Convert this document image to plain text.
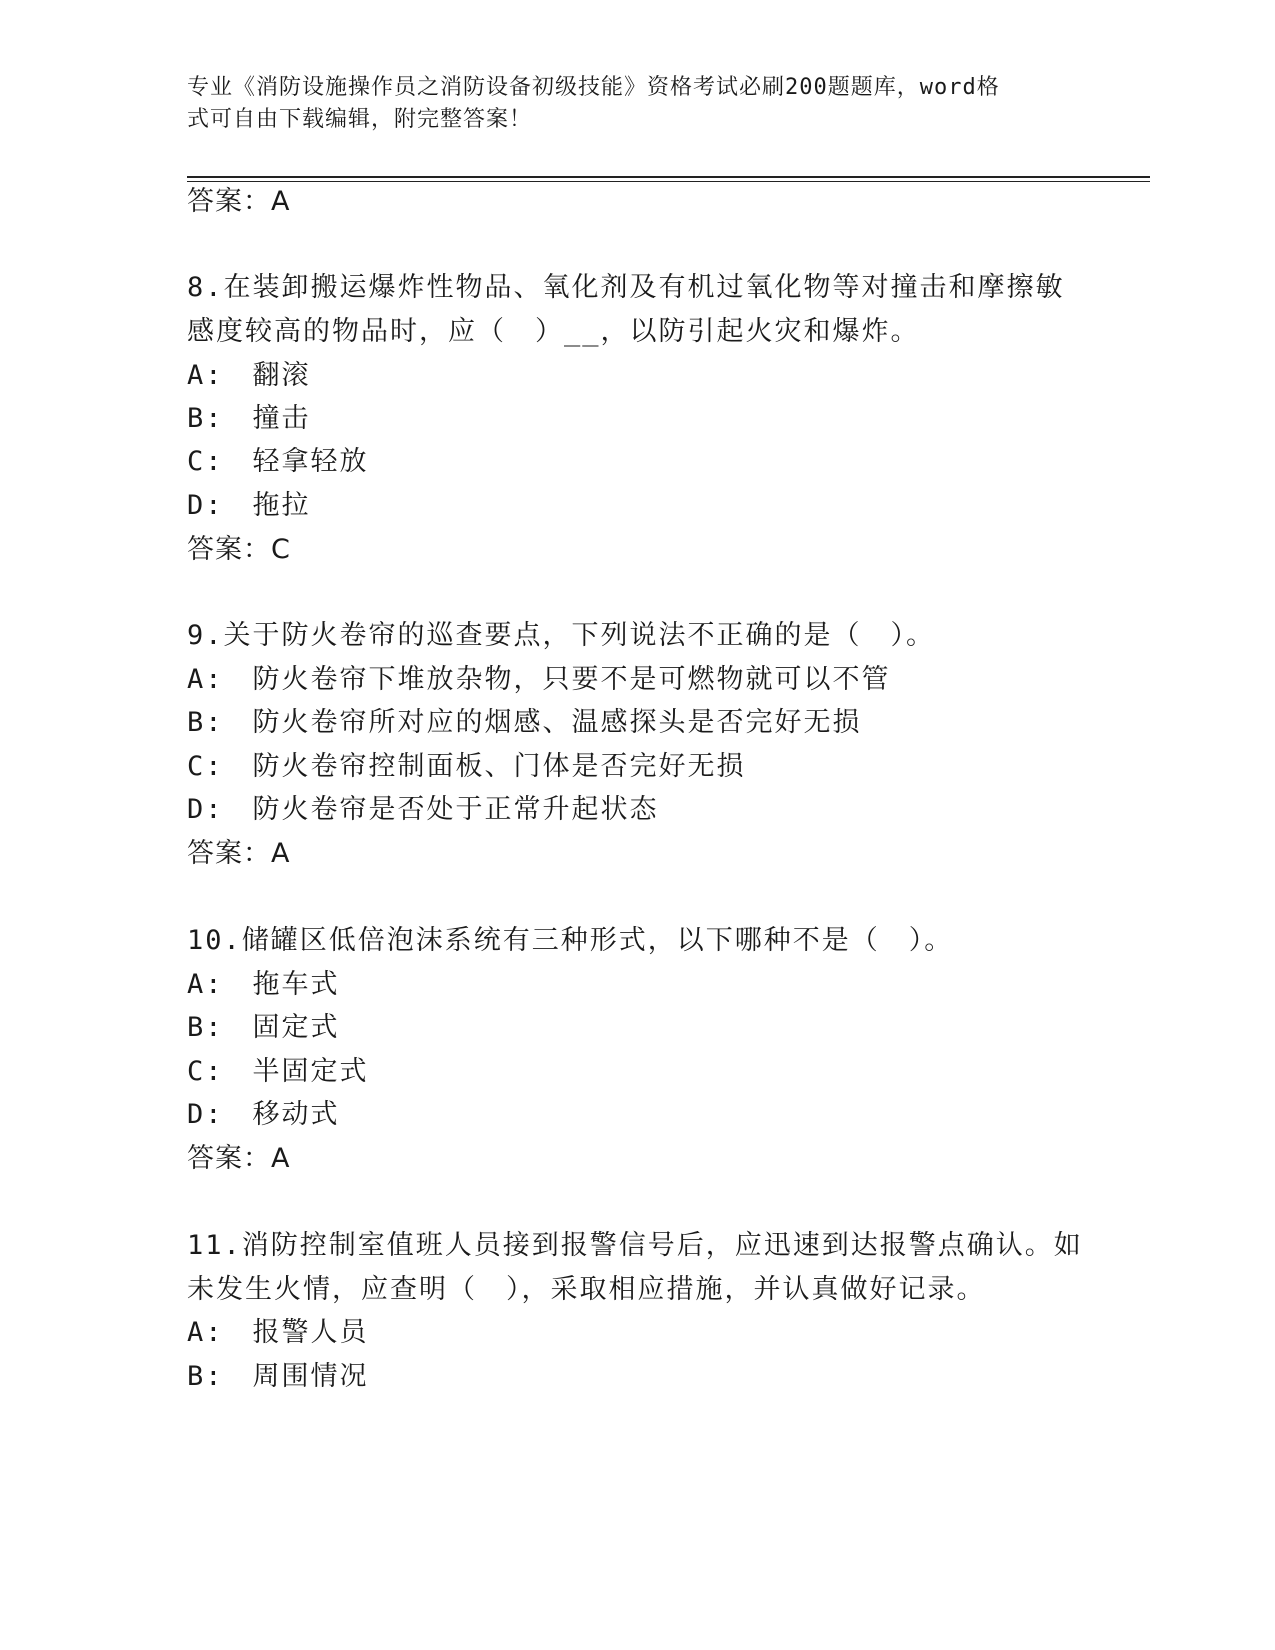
专业《消防设施操作员之消防设备初级技能》资格考试必刷200题题库，word格
式可自由下载编辑，附完整答案！
答案：A
8.在装卸搬运爆炸性物品、氧化剂及有机过氧化物等对撞击和摩擦敏
感度较高的物品时，应（　）__，以防引起火灾和爆炸。
A:　翻滚
B:　撞击
C:　轻拿轻放
D:　拖拉
答案：C
9.关于防火卷帘的巡查要点，下列说法不正确的是（　）。
A:　防火卷帘下堆放杂物，只要不是可燃物就可以不管
B:　防火卷帘所对应的烟感、温感探头是否完好无损
C:　防火卷帘控制面板、门体是否完好无损
D:　防火卷帘是否处于正常升起状态
答案：A
10.储罐区低倍泡沫系统有三种形式，以下哪种不是（　）。
A:　拖车式
B:　固定式
C:　半固定式
D:　移动式
答案：A
11.消防控制室值班人员接到报警信号后，应迅速到达报警点确认。如
未发生火情，应查明（　），采取相应措施，并认真做好记录。
A:　报警人员
B:　周围情况
